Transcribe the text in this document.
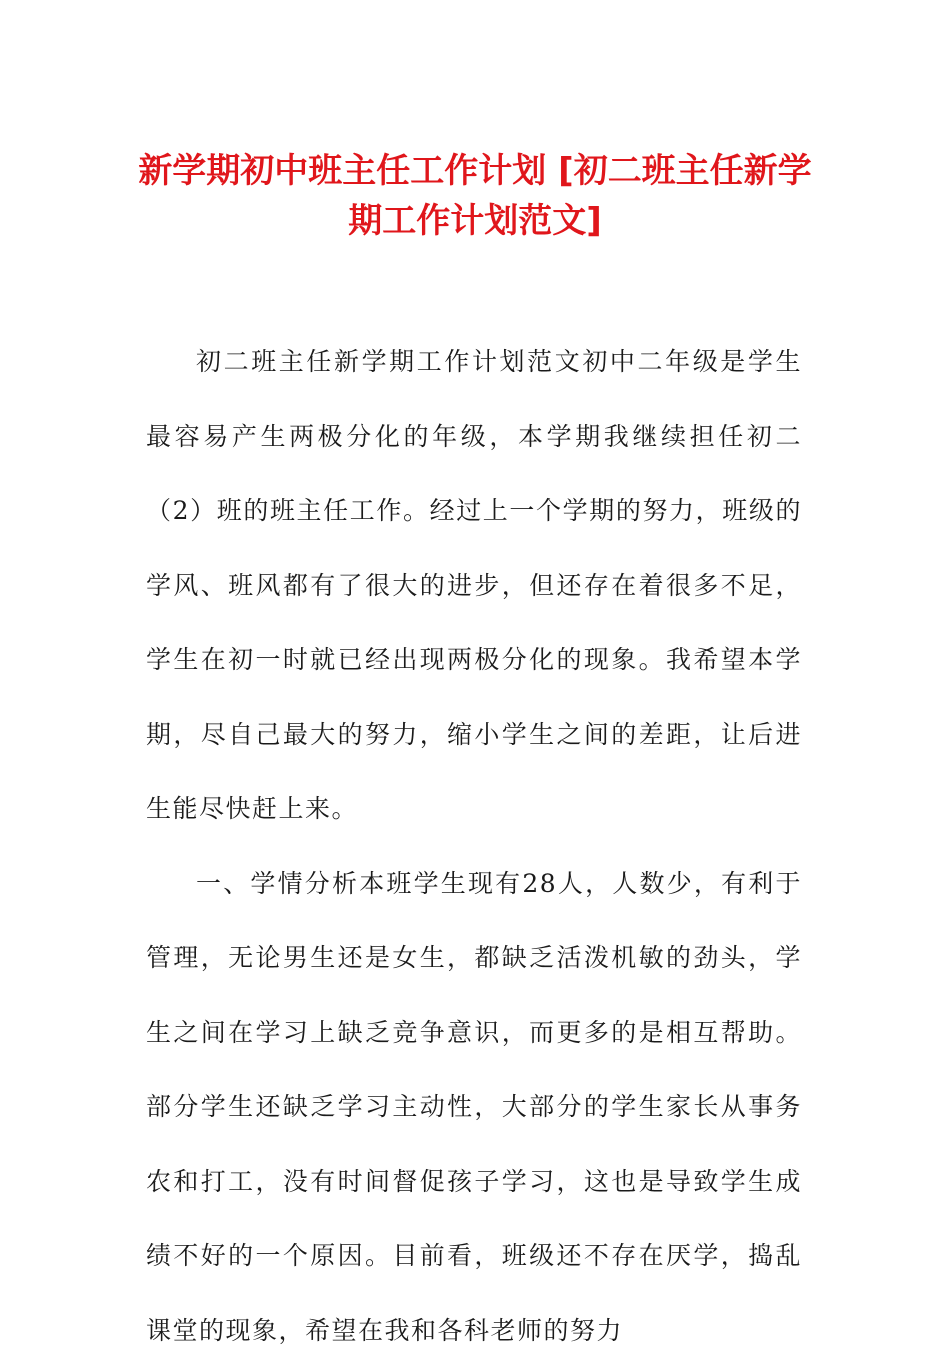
新学期初中班主任工作计划 [初二班主任新学
期工作计划范文]

初二班主任新学期工作计划范文初中二年级是学生最容易产生两极分化的年级，本学期我继续担任初二（2）班的班主任工作。经过上一个学期的努力，班级的学风、班风都有了很大的进步，但还存在着很多不足，学生在初一时就已经出现两极分化的现象。我希望本学期，尽自己最大的努力，缩小学生之间的差距，让后进生能尽快赶上来。

一、学情分析本班学生现有28人，人数少，有利于管理，无论男生还是女生，都缺乏活泼机敏的劲头，学生之间在学习上缺乏竞争意识，而更多的是相互帮助。部分学生还缺乏学习主动性，大部分的学生家长从事务农和打工，没有时间督促孩子学习，这也是导致学生成绩不好的一个原因。目前看，班级还不存在厌学，捣乱课堂的现象，希望在我和各科老师的努力
